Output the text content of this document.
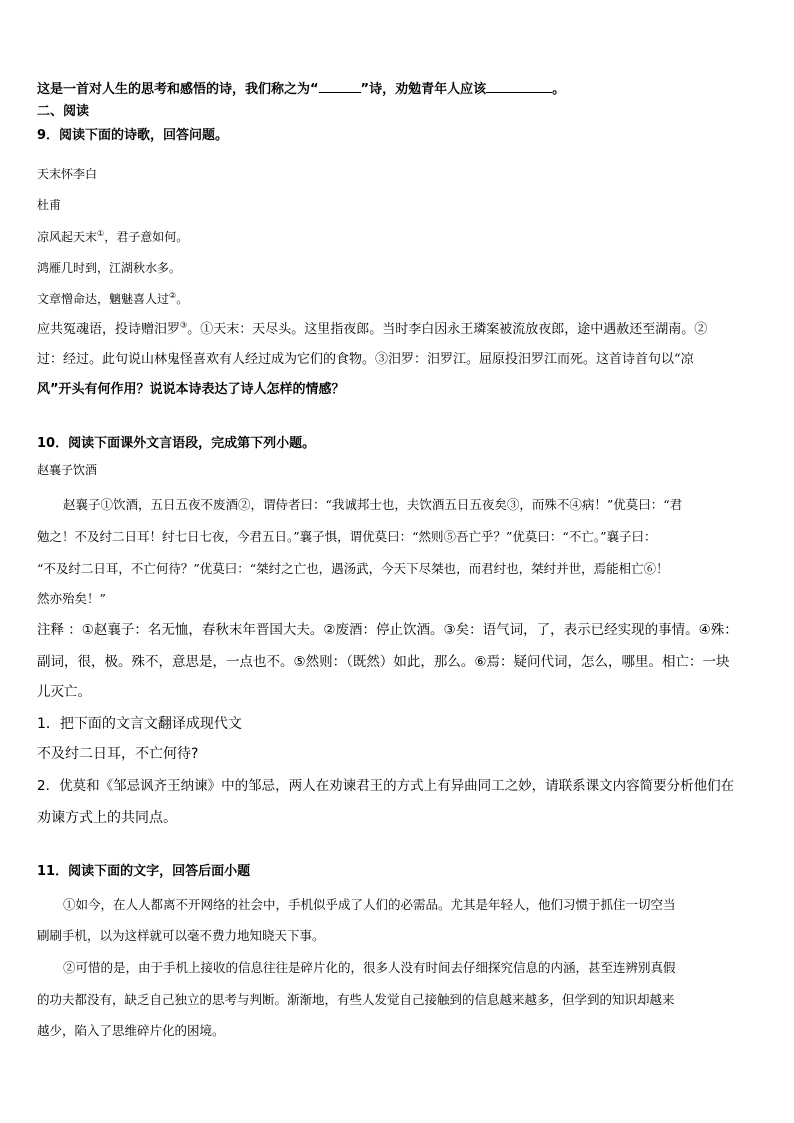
这是一首对人生的思考和感悟的诗，我们称之为“	”诗，劝勉青年人应该	。
二、阅读
9．阅读下面的诗歌，回答问题。
天末怀李白
杜甫
凉风起天末①，君子意如何。
鸿雁几时到，江湖秋水多。
文章憎命达，魑魅喜人过②。
应共冤魂语，投诗赠汨罗③。①天末：天尽头。这里指夜郎。当时李白因永王璘案被流放夜郎，途中遇赦还至湖南。②
过：经过。此句说山林鬼怪喜欢有人经过成为它们的食物。③汨罗：汨罗江。屈原投汨罗江而死。这首诗首句以“凉
风”开头有何作用？说说本诗表达了诗人怎样的情感？
10．阅读下面课外文言语段，完成第下列小题。
赵襄子饮酒
赵襄子①饮酒，五日五夜不废酒②，谓侍者曰：“我诚邦士也，夫饮酒五日五夜矣③，而殊不④病！”优莫曰：“君
勉之！不及纣二日耳！纣七日七夜，今君五日。”襄子惧，谓优莫曰：“然则⑤吾亡乎？”优莫曰：“不亡。”襄子曰：
“不及纣二日耳，不亡何待？”优莫曰：“桀纣之亡也，遇汤武，今天下尽桀也，而君纣也，桀纣并世，焉能相亡⑥！
然亦殆矣！”
注释 ：①赵襄子：名无恤，春秋末年晋国大夫。②废酒：停止饮酒。③矣：语气词，了，表示已经实现的事情。④殊：
副词，很，极。殊不，意思是，一点也不。⑤然则：（既然）如此，那么。⑥焉：疑问代词，怎么，哪里。相亡：一块
儿灭亡。
1．把下面的文言文翻译成现代文
不及纣二日耳，不亡何待?
2．优莫和《邹忌讽齐王纳谏》中的邹忌，两人在劝谏君王的方式上有异曲同工之妙，请联系课文内容简要分析他们在
劝谏方式上的共同点。
11．阅读下面的文字，回答后面小题
①如今，在人人都离不开网络的社会中，手机似乎成了人们的必需品。尤其是年轻人，他们习惯于抓住一切空当
刷刷手机，以为这样就可以毫不费力地知晓天下事。
②可惜的是，由于手机上接收的信息往往是碎片化的，很多人没有时间去仔细探究信息的内涵，甚至连辨别真假
的功夫都没有，缺乏自己独立的思考与判断。渐渐地，有些人发觉自己接触到的信息越来越多，但学到的知识却越来
越少，陷入了思维碎片化的困境。
